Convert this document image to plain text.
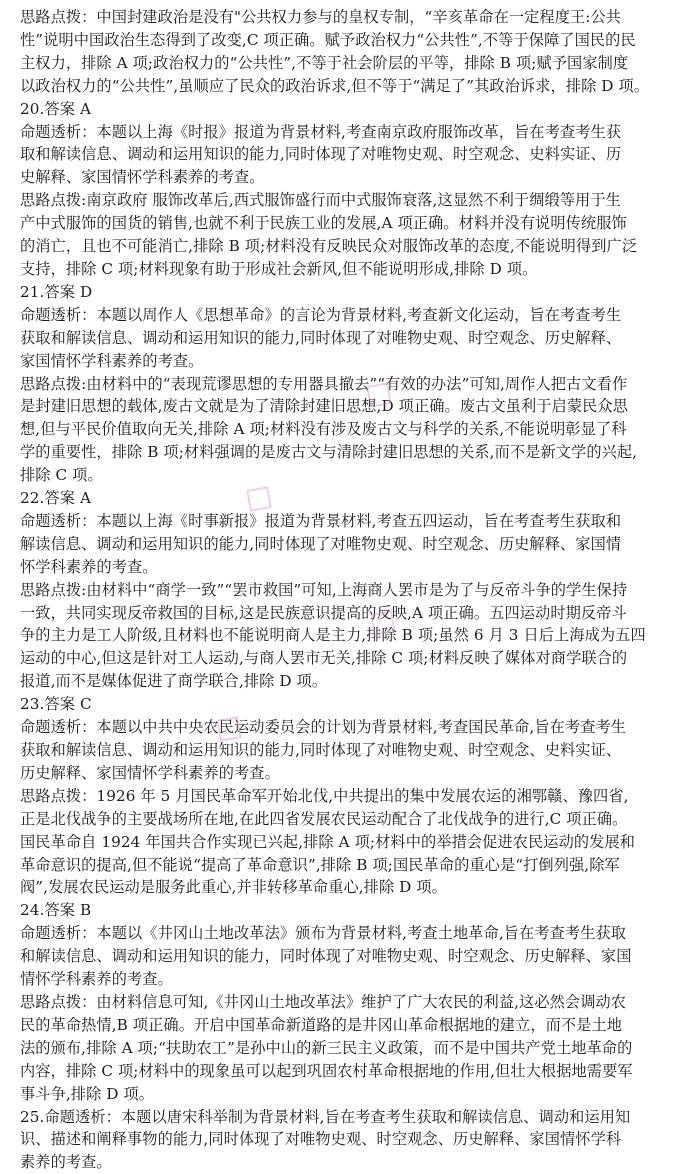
思路点拨：中国封建政治是没有"公共权力参与的皇权专制，“辛亥革命在一定程度王:公共
性”说明中国政治生态得到了改变,C 项正确。赋予政治权力“公共性”,不等于保障了国民的民
主权力，排除 A 项;政治权力的“公共性”,不等于社会阶层的平等，排除 B 项;赋予国家制度
以政治权力的“公共性”,虽顺应了民众的政治诉求,但不等于“满足了”其政治诉求，排除 D 项。
20.答案 A
命题透析：本题以上海《时报》报道为背景材料,考查南京政府服饰改革，旨在考查考生获
取和解读信息、调动和运用知识的能力,同时体现了对唯物史观、时空观念、史料实证、历
史解释、家国情怀学科素养的考查。
思路点拨:南京政府 服饰改革后,西式服饰盛行而中式服饰衰落,这显然不利于绸缎等用于生
产中式服饰的国货的销售,也就不利于民族工业的发展,A 项正确。材料并没有说明传统服饰
的消亡，且也不可能消亡,排除 B 项;材料没有反映民众对服饰改革的态度,不能说明得到广泛
支持，排除 C 项;材料现象有助于形成社会新风,但不能说明形成,排除 D 项。
21.答案 D
命题透析：本题以周作人《思想革命》的言论为背景材料,考查新文化运动，旨在考查考生
获取和解读信息、调动和运用知识的能力,同时体现了对唯物史观、时空观念、历史解释、
家国情怀学科素养的考查。
思路点拨:由材料中的“表现荒谬思想的专用器具撤去”“有效的办法”可知,周作人把古文看作
是封建旧思想的载体,废古文就是为了清除封建旧思想,D 项正确。废古文虽利于启蒙民众思
想,但与平民价值取向无关,排除 A 项;材料没有涉及废古文与科学的关系,不能说明彰显了科
学的重要性，排除 B 项;材料强调的是废古文与清除封建旧思想的关系,而不是新文学的兴起,
排除 C 项。
22.答案 A
命题透析：本题以上海《时事新报》报道为背景材料,考查五四运动，旨在考查考生获取和
解读信息、调动和运用知识的能力,同时体现了对唯物史观、时空观念、历史解释、家国情
怀学科素养的考查。
思路点拨:由材料中“商学一致”“罢市救国”可知,上海商人罢市是为了与反帝斗争的学生保持
一致，共同实现反帝救国的目标,这是民族意识提高的反映,A 项正确。五四运动时期反帝斗
争的主力是工人阶级,且材料也不能说明商人是主力,排除 B 项;虽然 6 月 3 日后上海成为五四
运动的中心,但这是针对工人运动,与商人罢市无关,排除 C 项;材料反映了媒体对商学联合的
报道,而不是媒体促进了商学联合,排除 D 项。
23.答案 C
命题透析：本题以中共中央农民运动委员会的计划为背景材料,考查国民革命,旨在考查考生
获取和解读信息、调动和运用知识的能力,同时体现了对唯物史观、时空观念、史料实证、
历史解释、家国情怀学科素养的考查。
思路点拨：1926 年 5 月国民革命军开始北伐,中共提出的集中发展农运的湘鄂赣、豫四省,
正是北伐战争的主要战场所在地,在此四省发展农民运动配合了北伐战争的进行,C 项正确。
国民革命自 1924 年国共合作实现已兴起,排除 A 项;材料中的举措会促进农民运动的发展和
革命意识的提高,但不能说“提高了革命意识”,排除 B 项;国民革命的重心是“打倒列强,除军
阀”,发展农民运动是服务此重心,并非转移革命重心,排除 D 项。
24.答案 B
命题透析：本题以《井冈山土地改革法》颁布为背景材料,考查土地革命,旨在考查考生获取
和解读信息、调动和运用知识的能力，同时体现了对唯物史观、时空观念、历史解释、家国
情怀学科素养的考查。
思路点拨：由材料信息可知,《井冈山土地改革法》维护了广大农民的利益,这必然会调动农
民的革命热情,B 项正确。开启中国革命新道路的是井冈山革命根据地的建立，而不是土地
法的颁布,排除 A 项;“扶助农工”是孙中山的新三民主义政策，而不是中国共产党土地革命的
内容，排除 C 项;材料中的现象虽可以起到巩固农村革命根据地的作用,但壮大根据地需要军
事斗争,排除 D 项。
25.命题透析：本题以唐宋科举制为背景材料,旨在考查考生获取和解读信息、调动和运用知
识、描述和阐释事物的能力,同时体现了对唯物史观、时空观念、历史解释、家国情怀学科
素养的考查。
